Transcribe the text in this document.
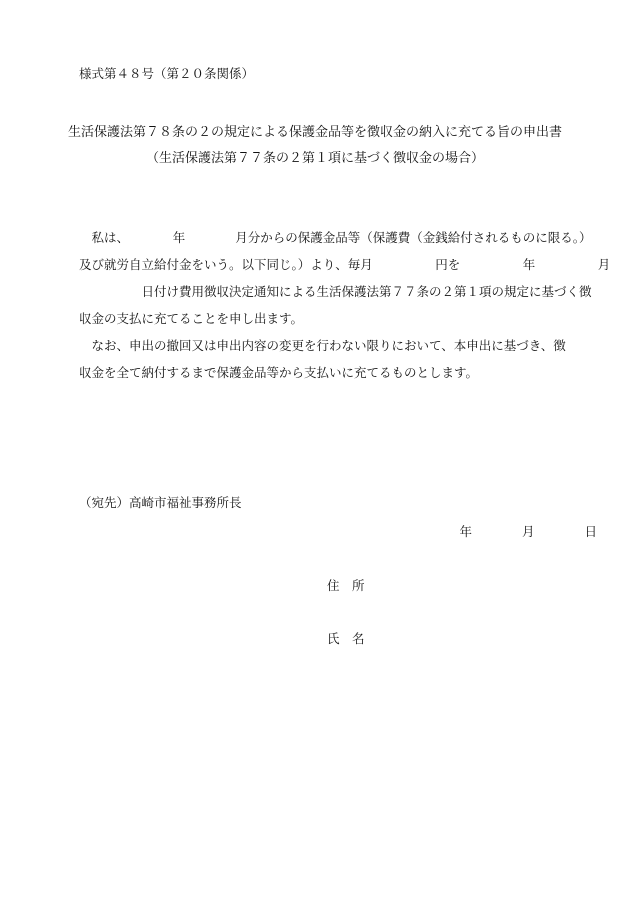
様式第４８号（第２０条関係）
生活保護法第７８条の２の規定による保護金品等を徴収金の納入に充てる旨の申出書
（生活保護法第７７条の２第１項に基づく徴収金の場合）
　私は、　　　　年　　　　月分からの保護金品等（保護費（金銭給付されるものに限る。）
及び就労自立給付金をいう。以下同じ。）より、毎月　　　　　円を　　　　　年　　　　　月
　　　　　日付け費用徴収決定通知による生活保護法第７７条の２第１項の規定に基づく徴
収金の支払に充てることを申し出ます。
　なお、申出の撤回又は申出内容の変更を行わない限りにおいて、本申出に基づき、徴
収金を全て納付するまで保護金品等から支払いに充てるものとします。
（宛先）高崎市福祉事務所長
年　　　　月　　　　日
住　所
氏　名
